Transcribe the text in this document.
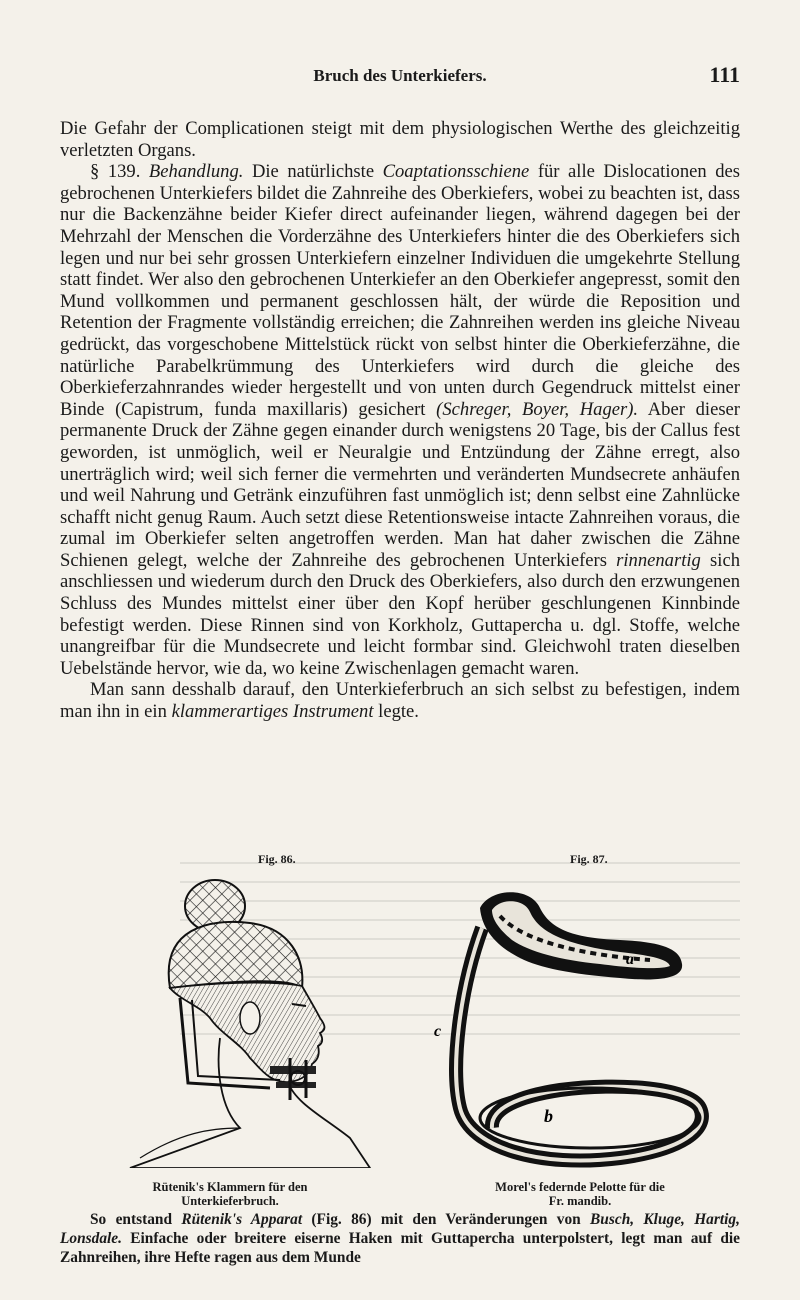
Bruch des Unterkiefers.	111

Die Gefahr der Complicationen steigt mit dem physiologischen Werthe des gleichzeitig verletzten Organs.

§ 139. Behandlung. Die natürlichste Coaptationsschiene für alle Dislocationen des gebrochenen Unterkiefers bildet die Zahnreihe des Oberkiefers, wobei zu beachten ist, dass nur die Backenzähne beider Kiefer direct aufeinander liegen, während dagegen bei der Mehrzahl der Menschen die Vorderzähne des Unterkiefers hinter die des Oberkiefers sich legen und nur bei sehr grossen Unterkiefern einzelner Individuen die umgekehrte Stellung statt findet. Wer also den gebrochenen Unterkiefer an den Oberkiefer angepresst, somit den Mund vollkommen und permanent geschlossen hält, der würde die Reposition und Retention der Fragmente vollständig erreichen; die Zahnreihen werden ins gleiche Niveau gedrückt, das vorgeschobene Mittelstück rückt von selbst hinter die Oberkieferzähne, die natürliche Parabelkrümmung des Unterkiefers wird durch die gleiche des Oberkieferzahnrandes wieder hergestellt und von unten durch Gegendruck mittelst einer Binde (Capistrum, funda maxillaris) gesichert (Schreger, Boyer, Hager). Aber dieser permanente Druck der Zähne gegen einander durch wenigstens 20 Tage, bis der Callus fest geworden, ist unmöglich, weil er Neuralgie und Entzündung der Zähne erregt, also unerträglich wird; weil sich ferner die vermehrten und veränderten Mundsecrete anhäufen und weil Nahrung und Getränk einzuführen fast unmöglich ist; denn selbst eine Zahnlücke schafft nicht genug Raum. Auch setzt diese Retentionsweise intacte Zahnreihen voraus, die zumal im Oberkiefer selten angetroffen werden. Man hat daher zwischen die Zähne Schienen gelegt, welche der Zahnreihe des gebrochenen Unterkiefers rinnenartig sich anschliessen und wiederum durch den Druck des Oberkiefers, also durch den erzwungenen Schluss des Mundes mittelst einer über den Kopf herüber geschlungenen Kinnbinde befestigt werden. Diese Rinnen sind von Korkholz, Guttapercha u. dgl. Stoffe, welche unangreifbar für die Mundsecrete und leicht formbar sind. Gleichwohl traten dieselben Uebelstände hervor, wie da, wo keine Zwischenlagen gemacht waren.

Man sann desshalb darauf, den Unterkieferbruch an sich selbst zu befestigen, indem man ihn in ein klammerartiges Instrument legte.

Fig. 86.	Fig. 87.
a
c
b
Rütenik's Klammern für den
Unterkieferbruch.
Morel's federnde Pelotte für die
Fr. mandib.

So entstand Rütenik's Apparat (Fig. 86) mit den Veränderungen von Busch, Kluge, Hartig, Lonsdale. Einfache oder breitere eiserne Haken mit Guttapercha unterpolstert, legt man auf die Zahnreihen, ihre Hefte ragen aus dem Munde
